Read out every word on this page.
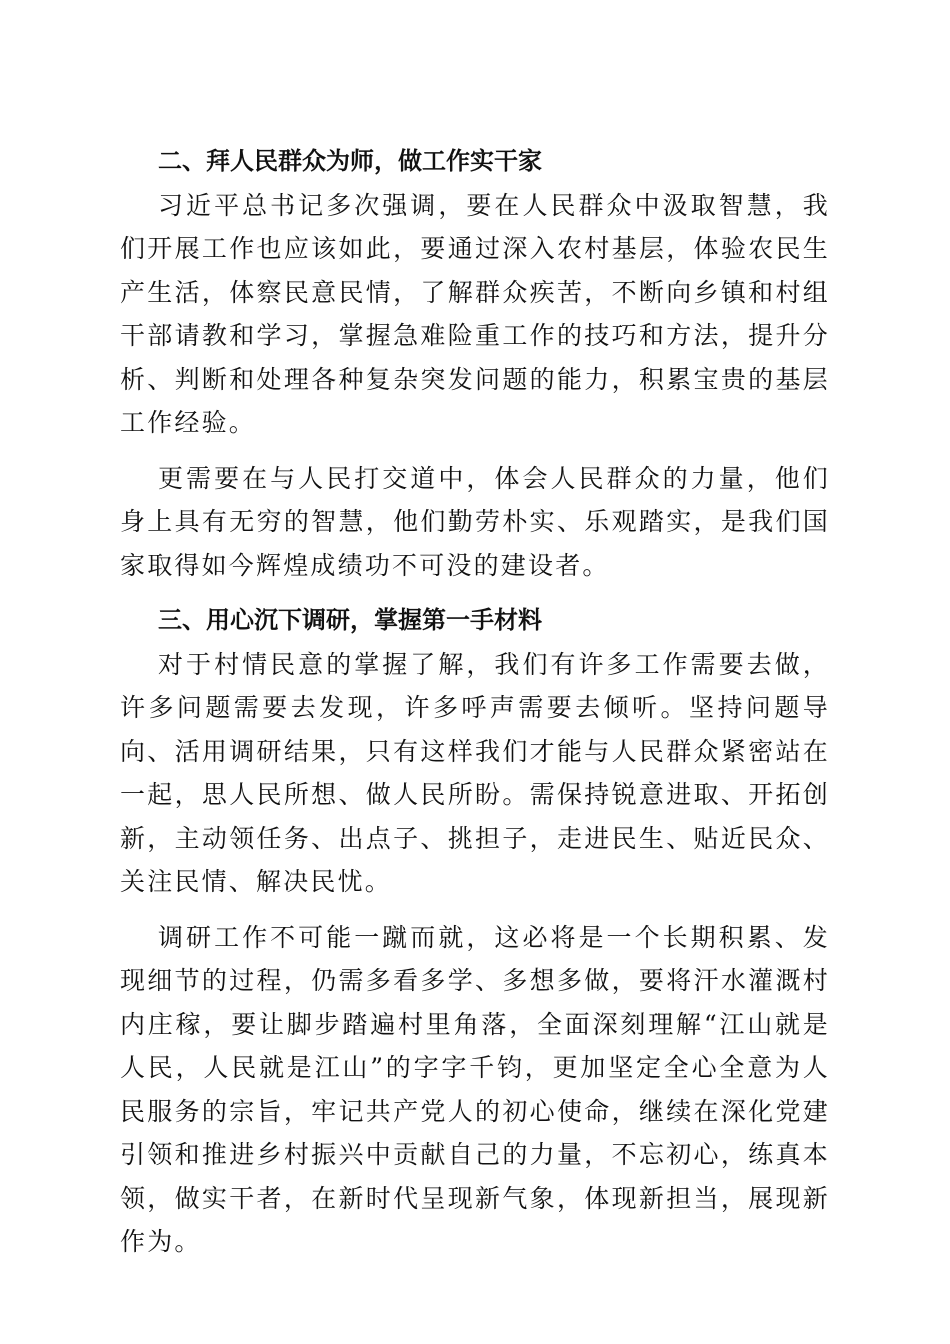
二、拜人民群众为师，做工作实干家

习近平总书记多次强调，要在人民群众中汲取智慧，我们开展工作也应该如此，要通过深入农村基层，体验农民生产生活，体察民意民情，了解群众疾苦，不断向乡镇和村组干部请教和学习，掌握急难险重工作的技巧和方法，提升分析、判断和处理各种复杂突发问题的能力，积累宝贵的基层工作经验。

更需要在与人民打交道中，体会人民群众的力量，他们身上具有无穷的智慧，他们勤劳朴实、乐观踏实，是我们国家取得如今辉煌成绩功不可没的建设者。

三、用心沉下调研，掌握第一手材料

对于村情民意的掌握了解，我们有许多工作需要去做，许多问题需要去发现，许多呼声需要去倾听。坚持问题导向、活用调研结果，只有这样我们才能与人民群众紧密站在一起，思人民所想、做人民所盼。需保持锐意进取、开拓创新，主动领任务、出点子、挑担子，走进民生、贴近民众、关注民情、解决民忧。

调研工作不可能一蹴而就，这必将是一个长期积累、发现细节的过程，仍需多看多学、多想多做，要将汗水灌溉村内庄稼，要让脚步踏遍村里角落，全面深刻理解“江山就是人民，人民就是江山”的字字千钧，更加坚定全心全意为人民服务的宗旨，牢记共产党人的初心使命，继续在深化党建引领和推进乡村振兴中贡献自己的力量，不忘初心，练真本领，做实干者，在新时代呈现新气象，体现新担当，展现新作为。
